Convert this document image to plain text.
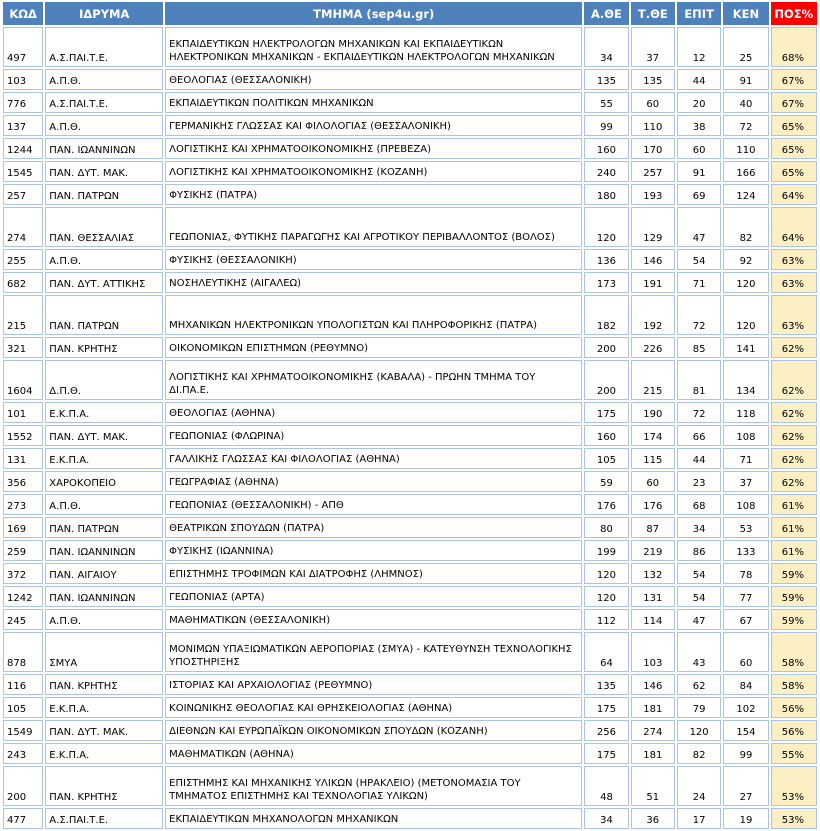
ΚΩΔ	ΙΔΡΥΜΑ	ΤΜΗΜΑ (sep4u.gr)	Α.ΘΕ	Τ.ΘΕ	ΕΠΙΤ	ΚΕΝ	ΠΟΣ%
497	Α.Σ.ΠΑΙ.Τ.Ε.	ΕΚΠΑΙΔΕΥΤΙΚΩΝ ΗΛΕΚΤΡΟΛΟΓΩΝ ΜΗΧΑΝΙΚΩΝ ΚΑΙ ΕΚΠΑΙΔΕΥΤΙΚΩΝ ΗΛΕΚΤΡΟΝΙΚΩΝ ΜΗΧΑΝΙΚΩΝ - ΕΚΠΑΙΔΕΥΤΙΚΩΝ ΗΛΕΚΤΡΟΛΟΓΩΝ ΜΗΧΑΝΙΚΩΝ	34	37	12	25	68%
103	Α.Π.Θ.	ΘΕΟΛΟΓΙΑΣ (ΘΕΣΣΑΛΟΝΙΚΗ)	135	135	44	91	67%
776	Α.Σ.ΠΑΙ.Τ.Ε.	ΕΚΠΑΙΔΕΥΤΙΚΩΝ ΠΟΛΙΤΙΚΩΝ ΜΗΧΑΝΙΚΩΝ	55	60	20	40	67%
137	Α.Π.Θ.	ΓΕΡΜΑΝΙΚΗΣ ΓΛΩΣΣΑΣ ΚΑΙ ΦΙΛΟΛΟΓΙΑΣ (ΘΕΣΣΑΛΟΝΙΚΗ)	99	110	38	72	65%
1244	ΠΑΝ. ΙΩΑΝΝΙΝΩΝ	ΛΟΓΙΣΤΙΚΗΣ ΚΑΙ ΧΡΗΜΑΤΟΟΙΚΟΝΟΜΙΚΗΣ (ΠΡΕΒΕΖΑ)	160	170	60	110	65%
1545	ΠΑΝ. ΔΥΤ. ΜΑΚ.	ΛΟΓΙΣΤΙΚΗΣ ΚΑΙ ΧΡΗΜΑΤΟΟΙΚΟΝΟΜΙΚΗΣ (ΚΟΖΑΝΗ)	240	257	91	166	65%
257	ΠΑΝ. ΠΑΤΡΩΝ	ΦΥΣΙΚΗΣ (ΠΑΤΡΑ)	180	193	69	124	64%
274	ΠΑΝ. ΘΕΣΣΑΛΙΑΣ	ΓΕΩΠΟΝΙΑΣ, ΦΥΤΙΚΗΣ ΠΑΡΑΓΩΓΗΣ ΚΑΙ ΑΓΡΟΤΙΚΟΥ ΠΕΡΙΒΑΛΛΟΝΤΟΣ (ΒΟΛΟΣ)	120	129	47	82	64%
255	Α.Π.Θ.	ΦΥΣΙΚΗΣ (ΘΕΣΣΑΛΟΝΙΚΗ)	136	146	54	92	63%
682	ΠΑΝ. ΔΥΤ. ΑΤΤΙΚΗΣ	ΝΟΣΗΛΕΥΤΙΚΗΣ (ΑΙΓΑΛΕΩ)	173	191	71	120	63%
215	ΠΑΝ. ΠΑΤΡΩΝ	ΜΗΧΑΝΙΚΩΝ ΗΛΕΚΤΡΟΝΙΚΩΝ ΥΠΟΛΟΓΙΣΤΩΝ ΚΑΙ ΠΛΗΡΟΦΟΡΙΚΗΣ (ΠΑΤΡΑ)	182	192	72	120	63%
321	ΠΑΝ. ΚΡΗΤΗΣ	ΟΙΚΟΝΟΜΙΚΩΝ ΕΠΙΣΤΗΜΩΝ (ΡΕΘΥΜΝΟ)	200	226	85	141	62%
1604	Δ.Π.Θ.	ΛΟΓΙΣΤΙΚΗΣ ΚΑΙ ΧΡΗΜΑΤΟΟΙΚΟΝΟΜΙΚΗΣ (ΚΑΒΑΛΑ) - ΠΡΩΗΝ ΤΜΗΜΑ ΤΟΥ ΔΙ.ΠΑ.Ε.	200	215	81	134	62%
101	Ε.Κ.Π.Α.	ΘΕΟΛΟΓΙΑΣ (ΑΘΗΝΑ)	175	190	72	118	62%
1552	ΠΑΝ. ΔΥΤ. ΜΑΚ.	ΓΕΩΠΟΝΙΑΣ (ΦΛΩΡΙΝΑ)	160	174	66	108	62%
131	Ε.Κ.Π.Α.	ΓΑΛΛΙΚΗΣ ΓΛΩΣΣΑΣ ΚΑΙ ΦΙΛΟΛΟΓΙΑΣ (ΑΘΗΝΑ)	105	115	44	71	62%
356	ΧΑΡΟΚΟΠΕΙΟ	ΓΕΩΓΡΑΦΙΑΣ (ΑΘΗΝΑ)	59	60	23	37	62%
273	Α.Π.Θ.	ΓΕΩΠΟΝΙΑΣ (ΘΕΣΣΑΛΟΝΙΚΗ) - ΑΠΘ	176	176	68	108	61%
169	ΠΑΝ. ΠΑΤΡΩΝ	ΘΕΑΤΡΙΚΩΝ ΣΠΟΥΔΩΝ (ΠΑΤΡΑ)	80	87	34	53	61%
259	ΠΑΝ. ΙΩΑΝΝΙΝΩΝ	ΦΥΣΙΚΗΣ (ΙΩΑΝΝΙΝΑ)	199	219	86	133	61%
372	ΠΑΝ. ΑΙΓΑΙΟΥ	ΕΠΙΣΤΗΜΗΣ ΤΡΟΦΙΜΩΝ ΚΑΙ ΔΙΑΤΡΟΦΗΣ (ΛΗΜΝΟΣ)	120	132	54	78	59%
1242	ΠΑΝ. ΙΩΑΝΝΙΝΩΝ	ΓΕΩΠΟΝΙΑΣ (ΑΡΤΑ)	120	131	54	77	59%
245	Α.Π.Θ.	ΜΑΘΗΜΑΤΙΚΩΝ (ΘΕΣΣΑΛΟΝΙΚΗ)	112	114	47	67	59%
878	ΣΜΥΑ	ΜΟΝΙΜΩΝ ΥΠΑΞΙΩΜΑΤΙΚΩΝ ΑΕΡΟΠΟΡΙΑΣ (ΣΜΥΑ) - ΚΑΤΕΥΘΥΝΣΗ ΤΕΧΝΟΛΟΓΙΚΗΣ ΥΠΟΣΤΗΡΙΞΗΣ	64	103	43	60	58%
116	ΠΑΝ. ΚΡΗΤΗΣ	ΙΣΤΟΡΙΑΣ ΚΑΙ ΑΡΧΑΙΟΛΟΓΙΑΣ (ΡΕΘΥΜΝΟ)	135	146	62	84	58%
105	Ε.Κ.Π.Α.	ΚΟΙΝΩΝΙΚΗΣ ΘΕΟΛΟΓΙΑΣ ΚΑΙ ΘΡΗΣΚΕΙΟΛΟΓΙΑΣ (ΑΘΗΝΑ)	175	181	79	102	56%
1549	ΠΑΝ. ΔΥΤ. ΜΑΚ.	ΔΙΕΘΝΩΝ ΚΑΙ ΕΥΡΩΠΑΪΚΩΝ ΟΙΚΟΝΟΜΙΚΩΝ ΣΠΟΥΔΩΝ (ΚΟΖΑΝΗ)	256	274	120	154	56%
243	Ε.Κ.Π.Α.	ΜΑΘΗΜΑΤΙΚΩΝ (ΑΘΗΝΑ)	175	181	82	99	55%
200	ΠΑΝ. ΚΡΗΤΗΣ	ΕΠΙΣΤΗΜΗΣ ΚΑΙ ΜΗΧΑΝΙΚΗΣ ΥΛΙΚΩΝ (ΗΡΑΚΛΕΙΟ) (ΜΕΤΟΝΟΜΑΣΙΑ ΤΟΥ ΤΜΗΜΑΤΟΣ ΕΠΙΣΤΗΜΗΣ ΚΑΙ ΤΕΧΝΟΛΟΓΙΑΣ ΥΛΙΚΩΝ)	48	51	24	27	53%
477	Α.Σ.ΠΑΙ.Τ.Ε.	ΕΚΠΑΙΔΕΥΤΙΚΩΝ ΜΗΧΑΝΟΛΟΓΩΝ ΜΗΧΑΝΙΚΩΝ	34	36	17	19	53%
